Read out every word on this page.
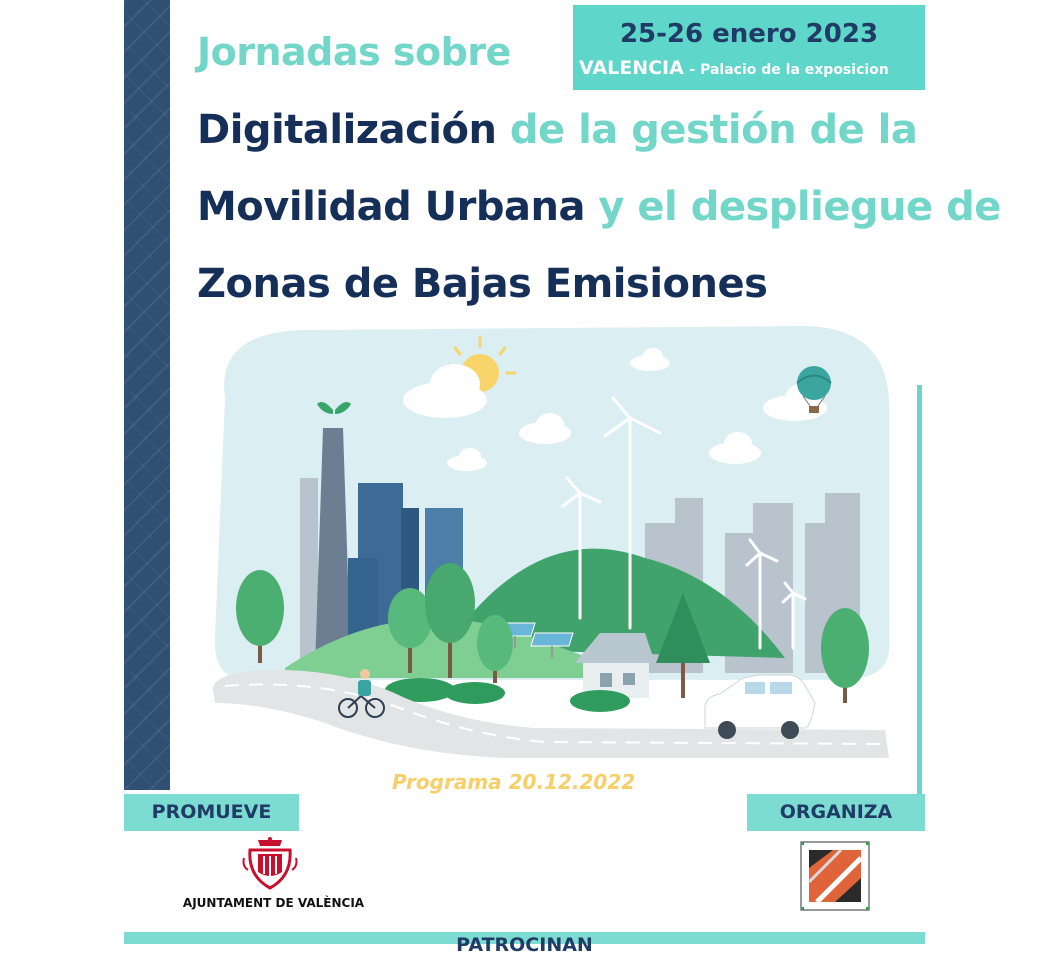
25-26 enero 2023
VALENCIA - Palacio de la exposicion
Jornadas sobre
Digitalización de la gestión de la
Movilidad Urbana y el despliegue de
Zonas de Bajas Emisiones
Programa 20.12.2022
PROMUEVE	ORGANIZA
AJUNTAMENT DE VALÈNCIA
PATROCINAN
